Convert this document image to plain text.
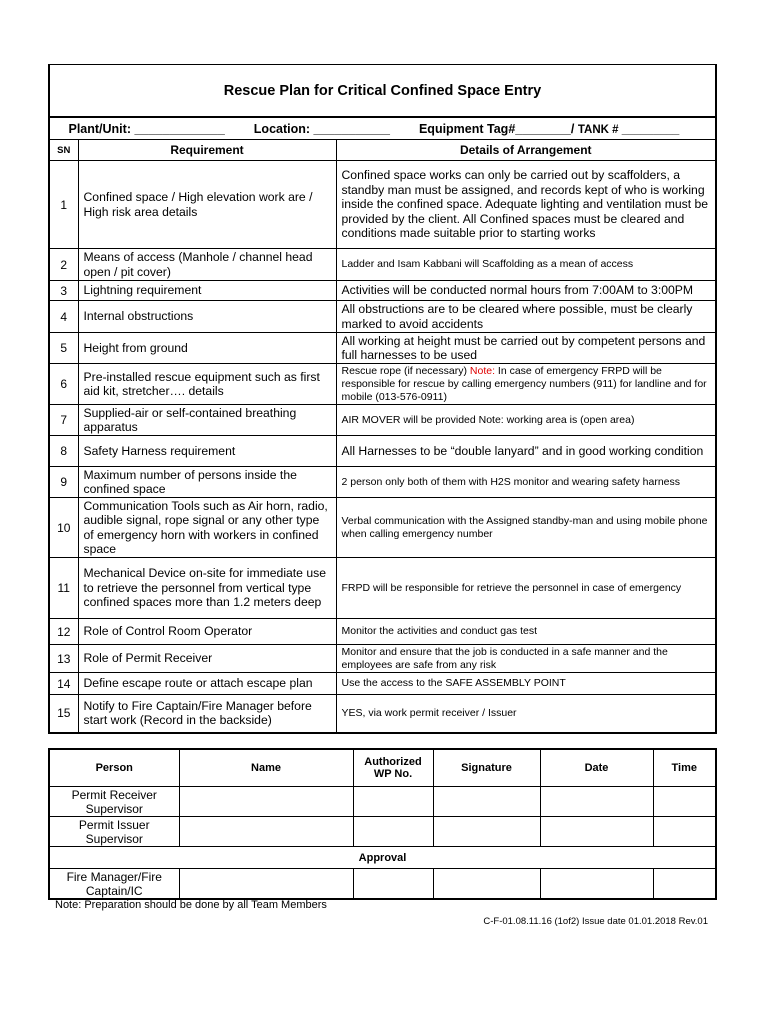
Rescue Plan for Critical Confined Space Entry		
Plant/Unit: _____________ Location: ___________ Equipment Tag#________/ TANK # _________		
SN	Requirement	Details of Arrangement
1	Confined space / High elevation work are / High risk area details	Confined space works can only be carried out by scaffolders, a standby man must be assigned, and records kept of who is working inside the confined space. Adequate lighting and ventilation must be provided by the client. All Confined spaces must be cleared and conditions made suitable prior to starting works
2	Means of access (Manhole / channel head open / pit cover)	Ladder and Isam Kabbani will Scaffolding as a mean of access
3	Lightning requirement	Activities will be conducted normal hours from 7:00AM to 3:00PM
4	Internal obstructions	All obstructions are to be cleared where possible, must be clearly marked to avoid accidents
5	Height from ground	All working at height must be carried out by competent persons and full harnesses to be used
6	Pre-installed rescue equipment such as first aid kit, stretcher…. details	Rescue rope (if necessary) Note: In case of emergency FRPD will be responsible for rescue by calling emergency numbers (911) for landline and for mobile (013-576-0911)
7	Supplied-air or self-contained breathing apparatus	AIR MOVER will be provided Note: working area is (open area)
8	Safety Harness requirement	All Harnesses to be “double lanyard” and in good working condition
9	Maximum number of persons inside the confined space	2 person only both of them with H2S monitor and wearing safety harness
10	Communication Tools such as Air horn, radio, audible signal, rope signal or any other type of emergency horn with workers in confined space	Verbal communication with the Assigned standby-man and using mobile phone when calling emergency number
11	Mechanical Device on-site for immediate use to retrieve the personnel from vertical type confined spaces more than 1.2 meters deep	FRPD will be responsible for retrieve the personnel in case of emergency
12	Role of Control Room Operator	Monitor the activities and conduct gas test
13	Role of Permit Receiver	Monitor and ensure that the job is conducted in a safe manner and the employees are safe from any risk
14	Define escape route or attach escape plan	Use the access to the SAFE ASSEMBLY POINT
15	Notify to Fire Captain/Fire Manager before start work (Record in the backside)	YES, via work permit receiver / Issuer
Person	Name	Authorized WP No.	Signature	Date	Time
Permit Receiver Supervisor					
Permit Issuer Supervisor					
Approval					
Fire Manager/Fire Captain/IC					
Note: Preparation should be done by all Team Members
C-F-01.08.11.16 (1of2) Issue date 01.01.2018 Rev.01
